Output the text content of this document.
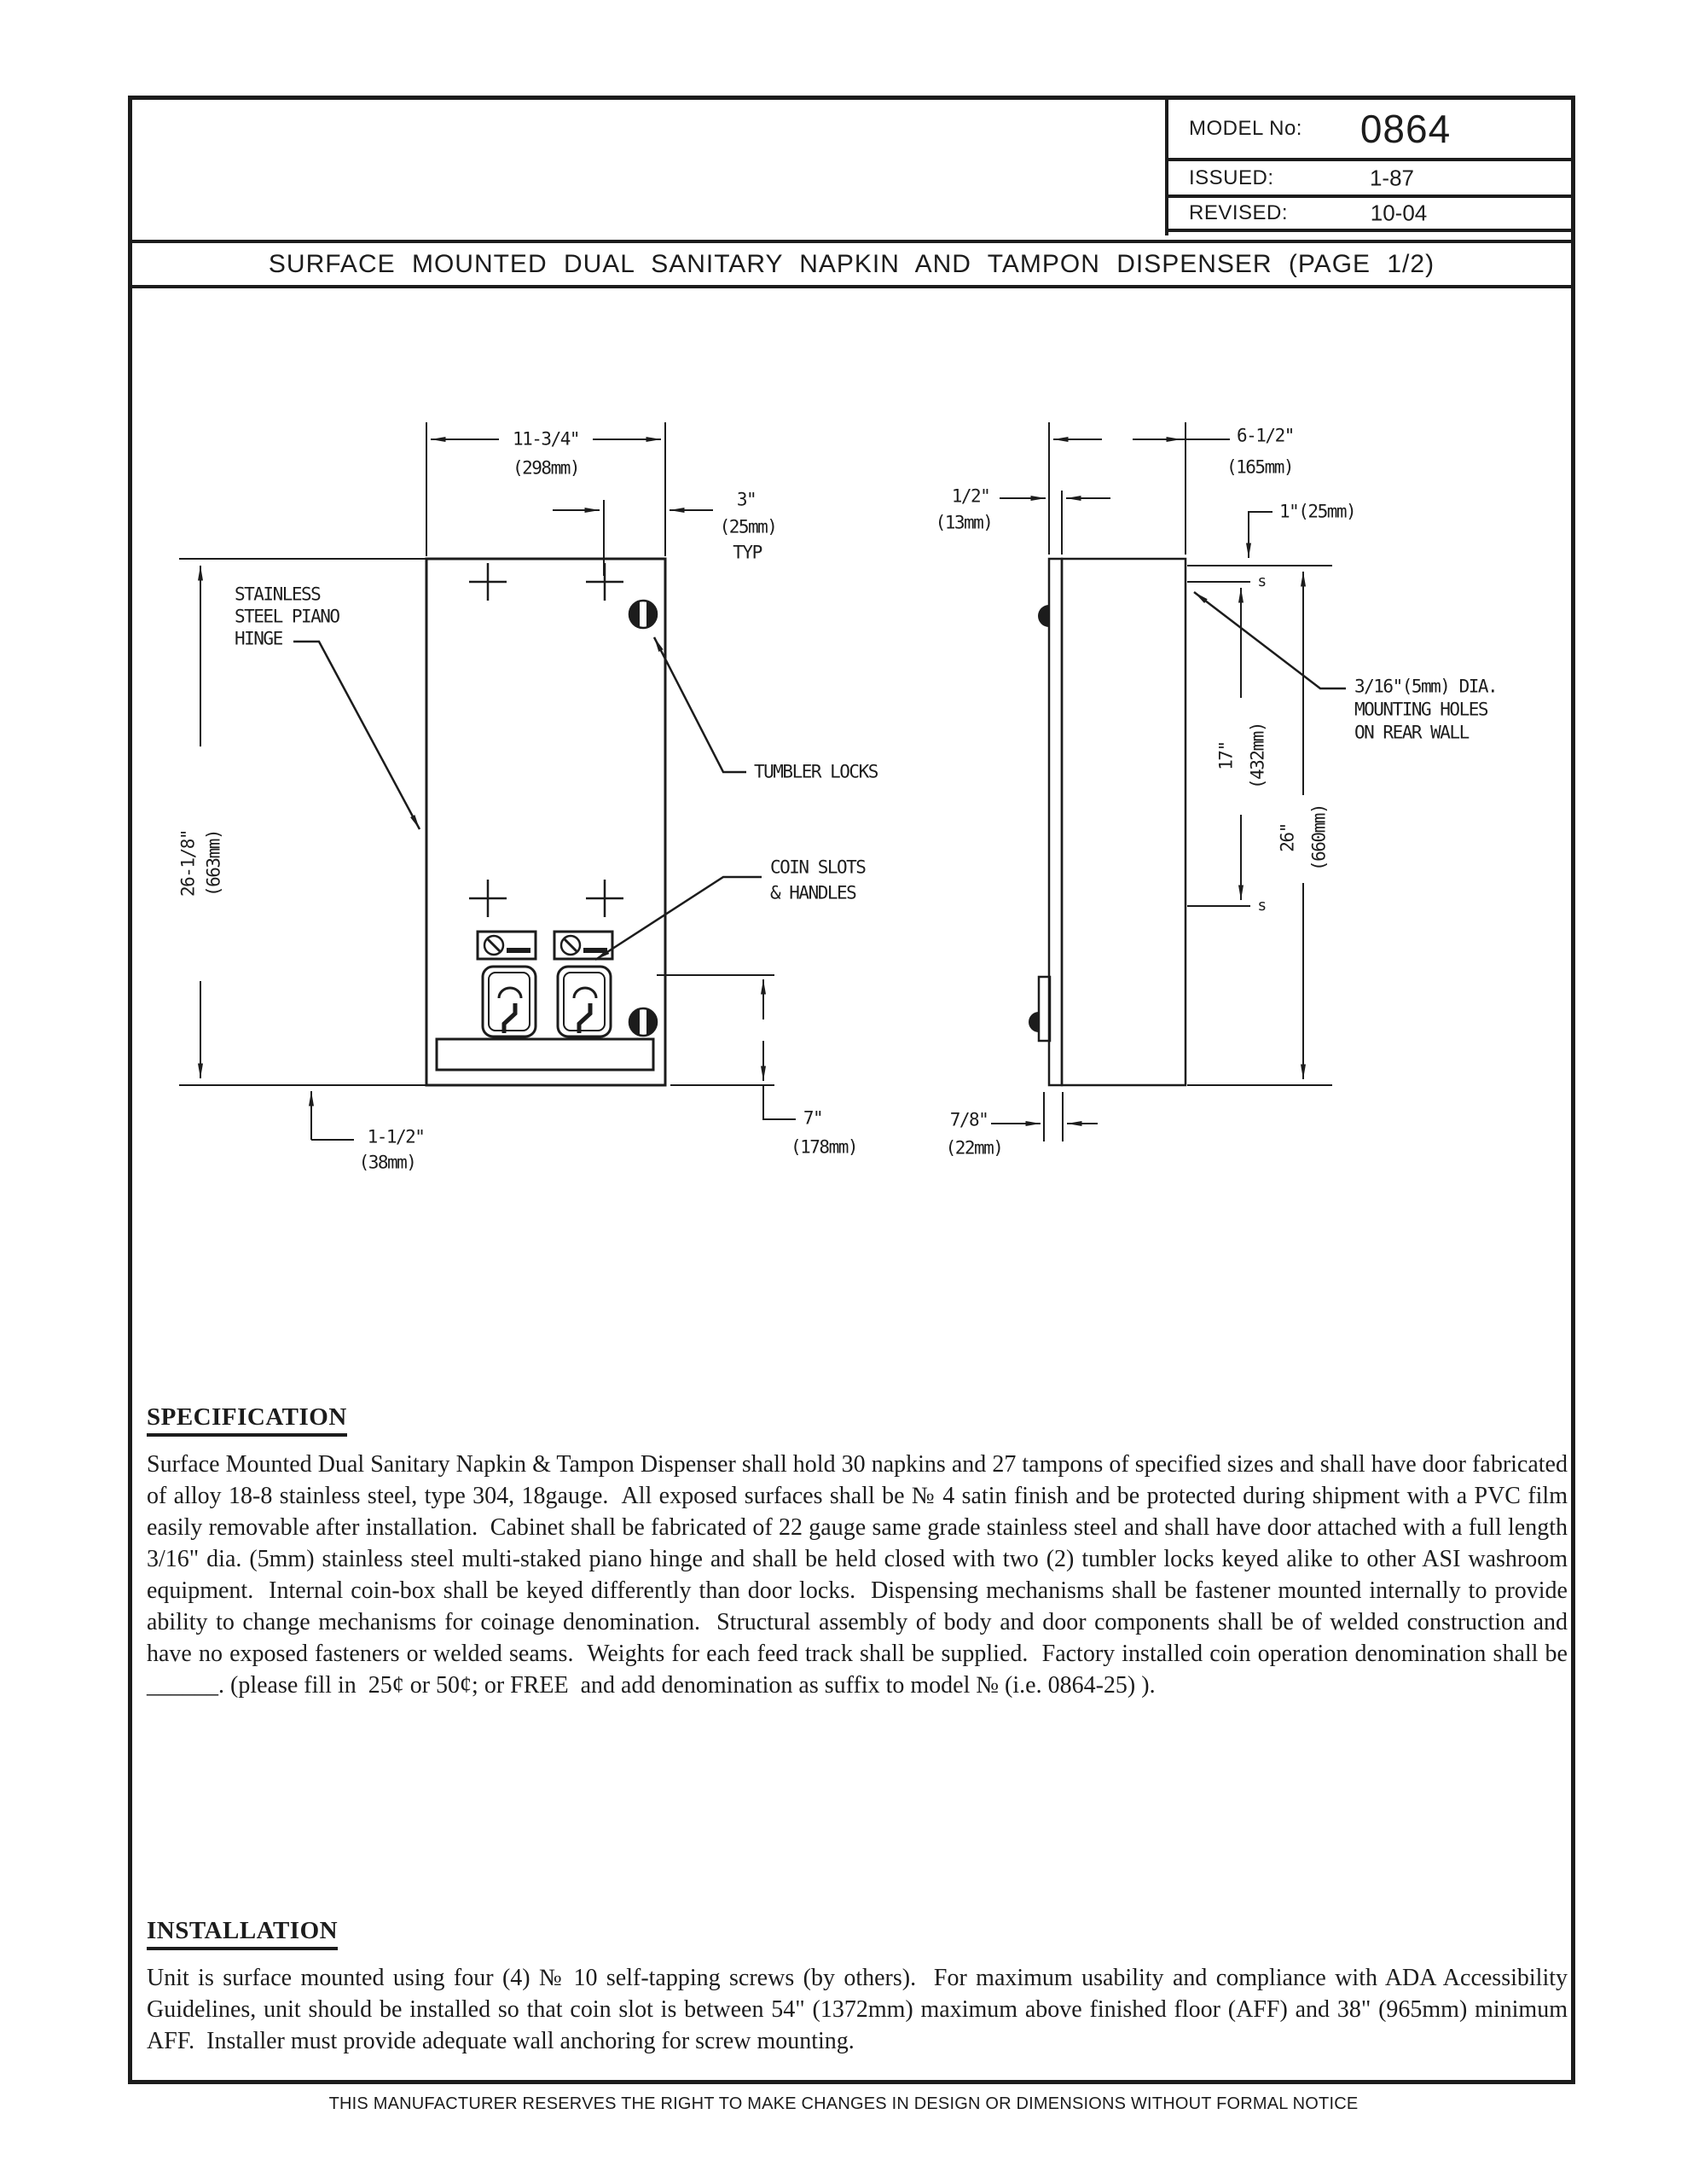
MODEL No: 0864
ISSUED:	1-87
REVISED:	10-04
SURFACE MOUNTED DUAL SANITARY NAPKIN AND TAMPON DISPENSER (PAGE 1/2)
11-3/4"
(298mm)
3"
(25mm)
TYP
26-1/8" (663mm)
STAINLESS
STEEL PIANO
HINGE
TUMBLER LOCKS
COIN SLOTS
& HANDLES
7"
(178mm)
1-1/2"
(38mm)
6-1/2"
(165mm)
1/2"
(13mm)
1"(25mm)
17" (432mm)
26" (660mm)
s
s
3/16"(5mm) DIA.
MOUNTING HOLES
ON REAR WALL
7/8"
(22mm)
SPECIFICATION

Surface Mounted Dual Sanitary Napkin & Tampon Dispenser shall hold 30 napkins and 27 tampons of specified sizes and shall have door fabricated of alloy 18-8 stainless steel, type 304, 18gauge.  All exposed surfaces shall be № 4 satin finish and be protected during shipment with a PVC film easily removable after installation.  Cabinet shall be fabricated of 22 gauge same grade stainless steel and shall have door attached with a full length 3/16" dia. (5mm) stainless steel multi-staked piano hinge and shall be held closed with two (2) tumbler locks keyed alike to other ASI washroom equipment.  Internal coin-box shall be keyed differently than door locks.  Dispensing mechanisms shall be fastener mounted internally to provide ability to change mechanisms for coinage denomination.  Structural assembly of body and door components shall be of welded construction and have no exposed fasteners or welded seams.  Weights for each feed track shall be supplied.  Factory installed coin operation denomination shall be ______. (please fill in  25¢ or 50¢; or FREE  and add denomination as suffix to model № (i.e. 0864-25) ).

INSTALLATION

Unit is surface mounted using four (4) № 10 self-tapping screws (by others).  For maximum usability and compliance with ADA Accessibility Guidelines, unit should be installed so that coin slot is between 54" (1372mm) maximum above finished floor (AFF) and 38" (965mm) minimum AFF.  Installer must provide adequate wall anchoring for screw mounting.

THIS MANUFACTURER RESERVES THE RIGHT TO MAKE CHANGES IN DESIGN OR DIMENSIONS WITHOUT FORMAL NOTICE
